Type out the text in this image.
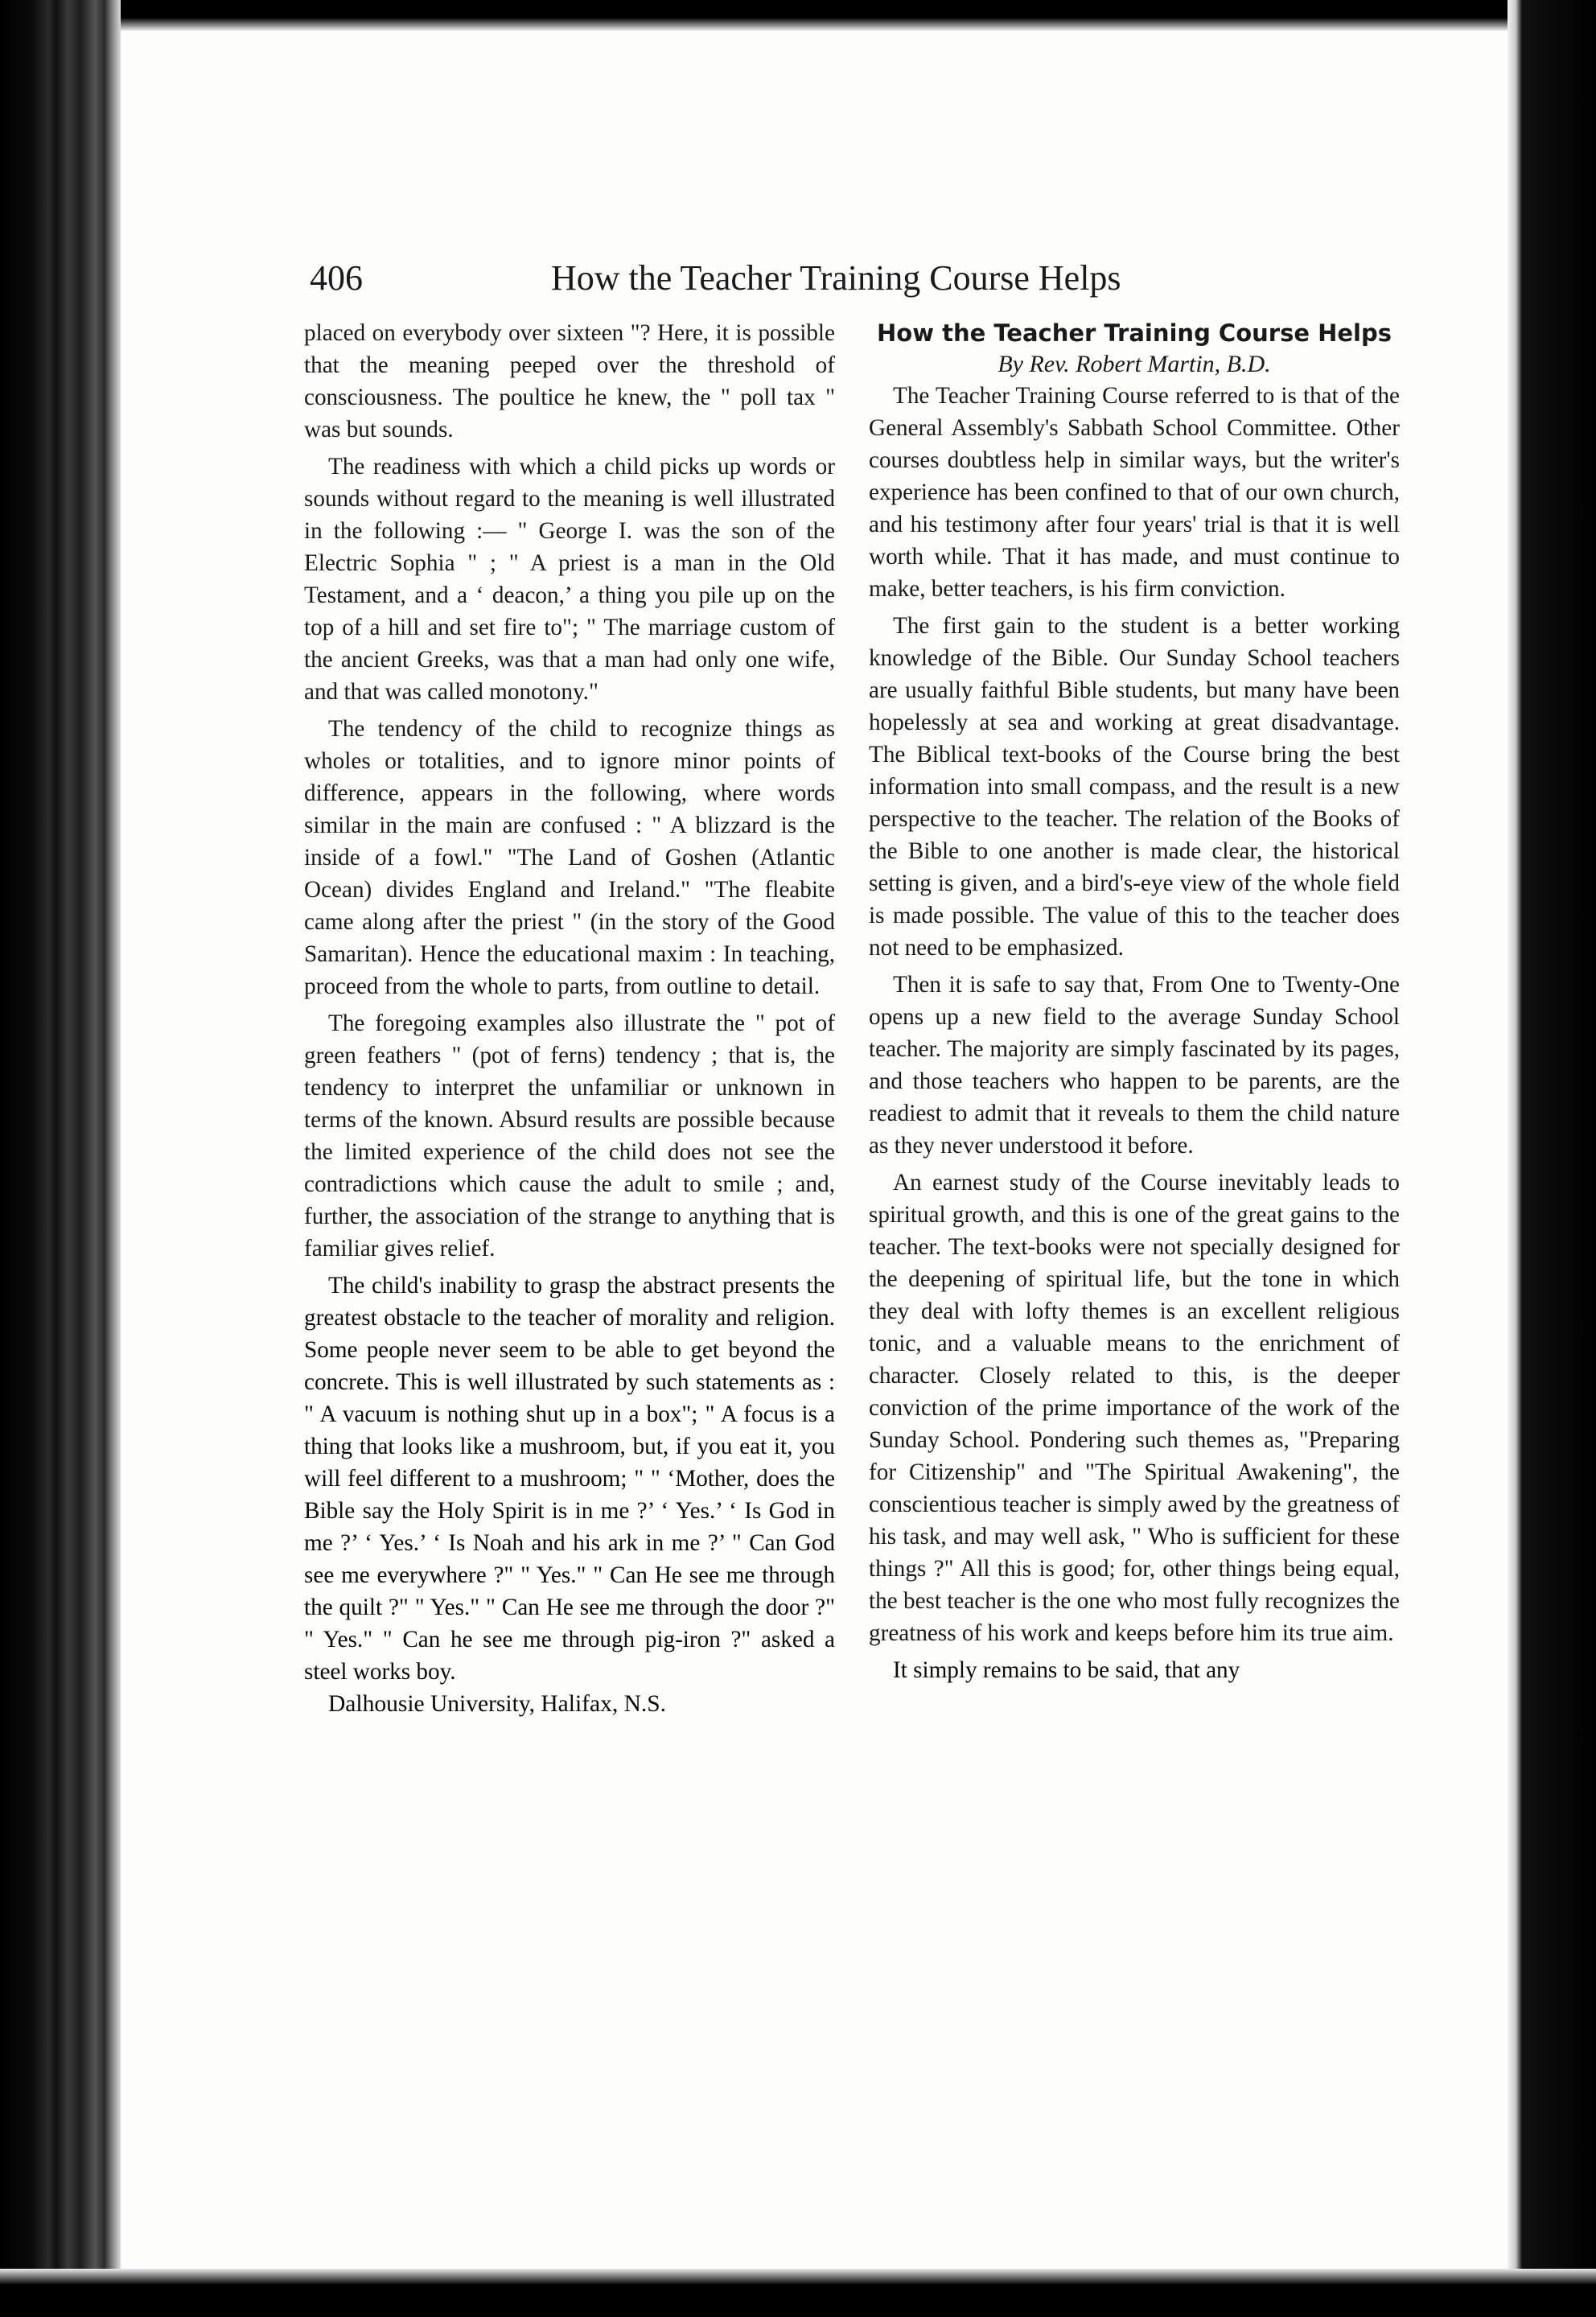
406	How the Teacher Training Course Helps

placed on everybody over sixteen "? Here, it is possible that the meaning peeped over the threshold of consciousness. The poultice he knew, the " poll tax " was but sounds.

The readiness with which a child picks up words or sounds without regard to the meaning is well illustrated in the following :— " George I. was the son of the Electric Sophia " ; " A priest is a man in the Old Testament, and a ‘ deacon,’ a thing you pile up on the top of a hill and set fire to"; " The marriage custom of the ancient Greeks, was that a man had only one wife, and that was called monotony."

The tendency of the child to recognize things as wholes or totalities, and to ignore minor points of difference, appears in the following, where words similar in the main are confused : " A blizzard is the inside of a fowl." "The Land of Goshen (Atlantic Ocean) divides England and Ireland." "The fleabite came along after the priest " (in the story of the Good Samaritan). Hence the educational maxim : In teaching, proceed from the whole to parts, from outline to detail.

The foregoing examples also illustrate the " pot of green feathers " (pot of ferns) tendency ; that is, the tendency to interpret the unfamiliar or unknown in terms of the known. Absurd results are possible because the limited experience of the child does not see the contradictions which cause the adult to smile ; and, further, the association of the strange to anything that is familiar gives relief.

The child's inability to grasp the abstract presents the greatest obstacle to the teacher of morality and religion. Some people never seem to be able to get beyond the concrete. This is well illustrated by such statements as : " A vacuum is nothing shut up in a box"; " A focus is a thing that looks like a mushroom, but, if you eat it, you will feel different to a mushroom; " " ‘Mother, does the Bible say the Holy Spirit is in me ?’ ‘ Yes.’ ‘ Is God in me ?’ ‘ Yes.’ ‘ Is Noah and his ark in me ?’ " Can God see me everywhere ?" " Yes." " Can He see me through the quilt ?" " Yes." " Can He see me through the door ?" " Yes." " Can he see me through pig-iron ?" asked a steel works boy.

Dalhousie University, Halifax, N.S.

How the Teacher Training Course Helps

By Rev. Robert Martin, B.D.

The Teacher Training Course referred to is that of the General Assembly's Sabbath School Committee. Other courses doubtless help in similar ways, but the writer's experience has been confined to that of our own church, and his testimony after four years' trial is that it is well worth while. That it has made, and must continue to make, better teachers, is his firm conviction.

The first gain to the student is a better working knowledge of the Bible. Our Sunday School teachers are usually faithful Bible students, but many have been hopelessly at sea and working at great disadvantage. The Biblical text-books of the Course bring the best information into small compass, and the result is a new perspective to the teacher. The relation of the Books of the Bible to one another is made clear, the historical setting is given, and a bird's-eye view of the whole field is made possible. The value of this to the teacher does not need to be emphasized.

Then it is safe to say that, From One to Twenty-One opens up a new field to the average Sunday School teacher. The majority are simply fascinated by its pages, and those teachers who happen to be parents, are the readiest to admit that it reveals to them the child nature as they never understood it before.

An earnest study of the Course inevitably leads to spiritual growth, and this is one of the great gains to the teacher. The text-books were not specially designed for the deepening of spiritual life, but the tone in which they deal with lofty themes is an excellent religious tonic, and a valuable means to the enrichment of character. Closely related to this, is the deeper conviction of the prime importance of the work of the Sunday School. Pondering such themes as, "Preparing for Citizenship" and "The Spiritual Awakening", the conscientious teacher is simply awed by the greatness of his task, and may well ask, " Who is sufficient for these things ?" All this is good; for, other things being equal, the best teacher is the one who most fully recognizes the greatness of his work and keeps before him its true aim.

It simply remains to be said, that any
